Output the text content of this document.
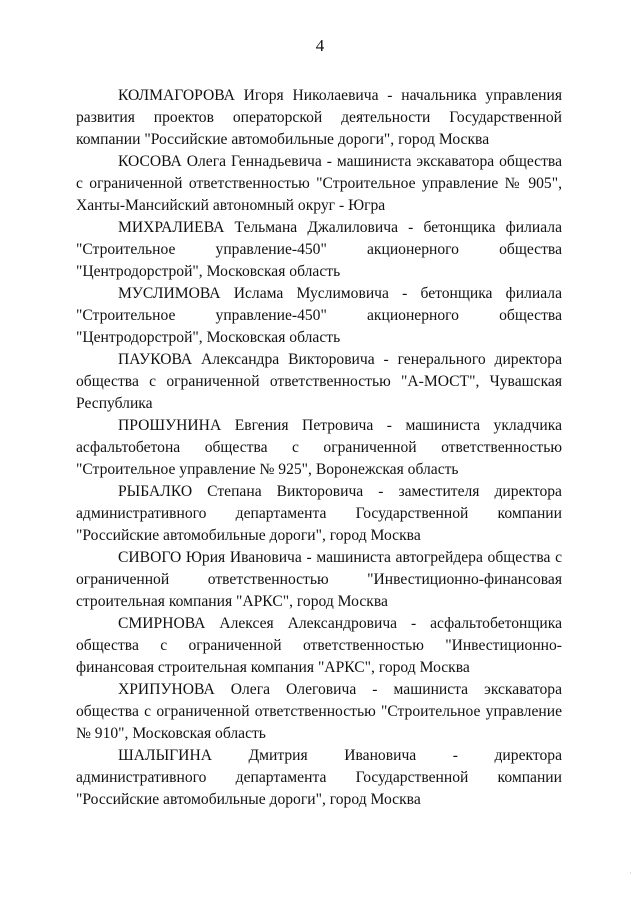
4

КОЛМАГОРОВА Игоря Николаевича - начальника управления развития проектов операторской деятельности Государственной компании "Российские автомобильные дороги", город Москва

КОСОВА Олега Геннадьевича - машиниста экскаватора общества с ограниченной ответственностью "Строительное управление № 905", Ханты-Мансийский автономный округ - Югра

МИХРАЛИЕВА Тельмана Джалиловича - бетонщика филиала "Строительное управление-450" акционерного общества "Центродорстрой", Московская область

МУСЛИМОВА Ислама Муслимовича - бетонщика филиала "Строительное управление-450" акционерного общества "Центродорстрой", Московская область

ПАУКОВА Александра Викторовича - генерального директора общества с ограниченной ответственностью "А-МОСТ", Чувашская Республика

ПРОШУНИНА Евгения Петровича - машиниста укладчика асфальтобетона общества с ограниченной ответственностью "Строительное управление № 925", Воронежская область

РЫБАЛКО Степана Викторовича - заместителя директора административного департамента Государственной компании "Российские автомобильные дороги", город Москва

СИВОГО Юрия Ивановича - машиниста автогрейдера общества с ограниченной ответственностью "Инвестиционно-финансовая строительная компания "АРКС", город Москва

СМИРНОВА Алексея Александровича - асфальтобетонщика общества с ограниченной ответственностью "Инвестиционно-финансовая строительная компания "АРКС", город Москва

ХРИПУНОВА Олега Олеговича - машиниста экскаватора общества с ограниченной ответственностью "Строительное управление № 910", Московская область

ШАЛЫГИНА Дмитрия Ивановича - директора административного департамента Государственной компании "Российские автомобильные дороги", город Москва

·
